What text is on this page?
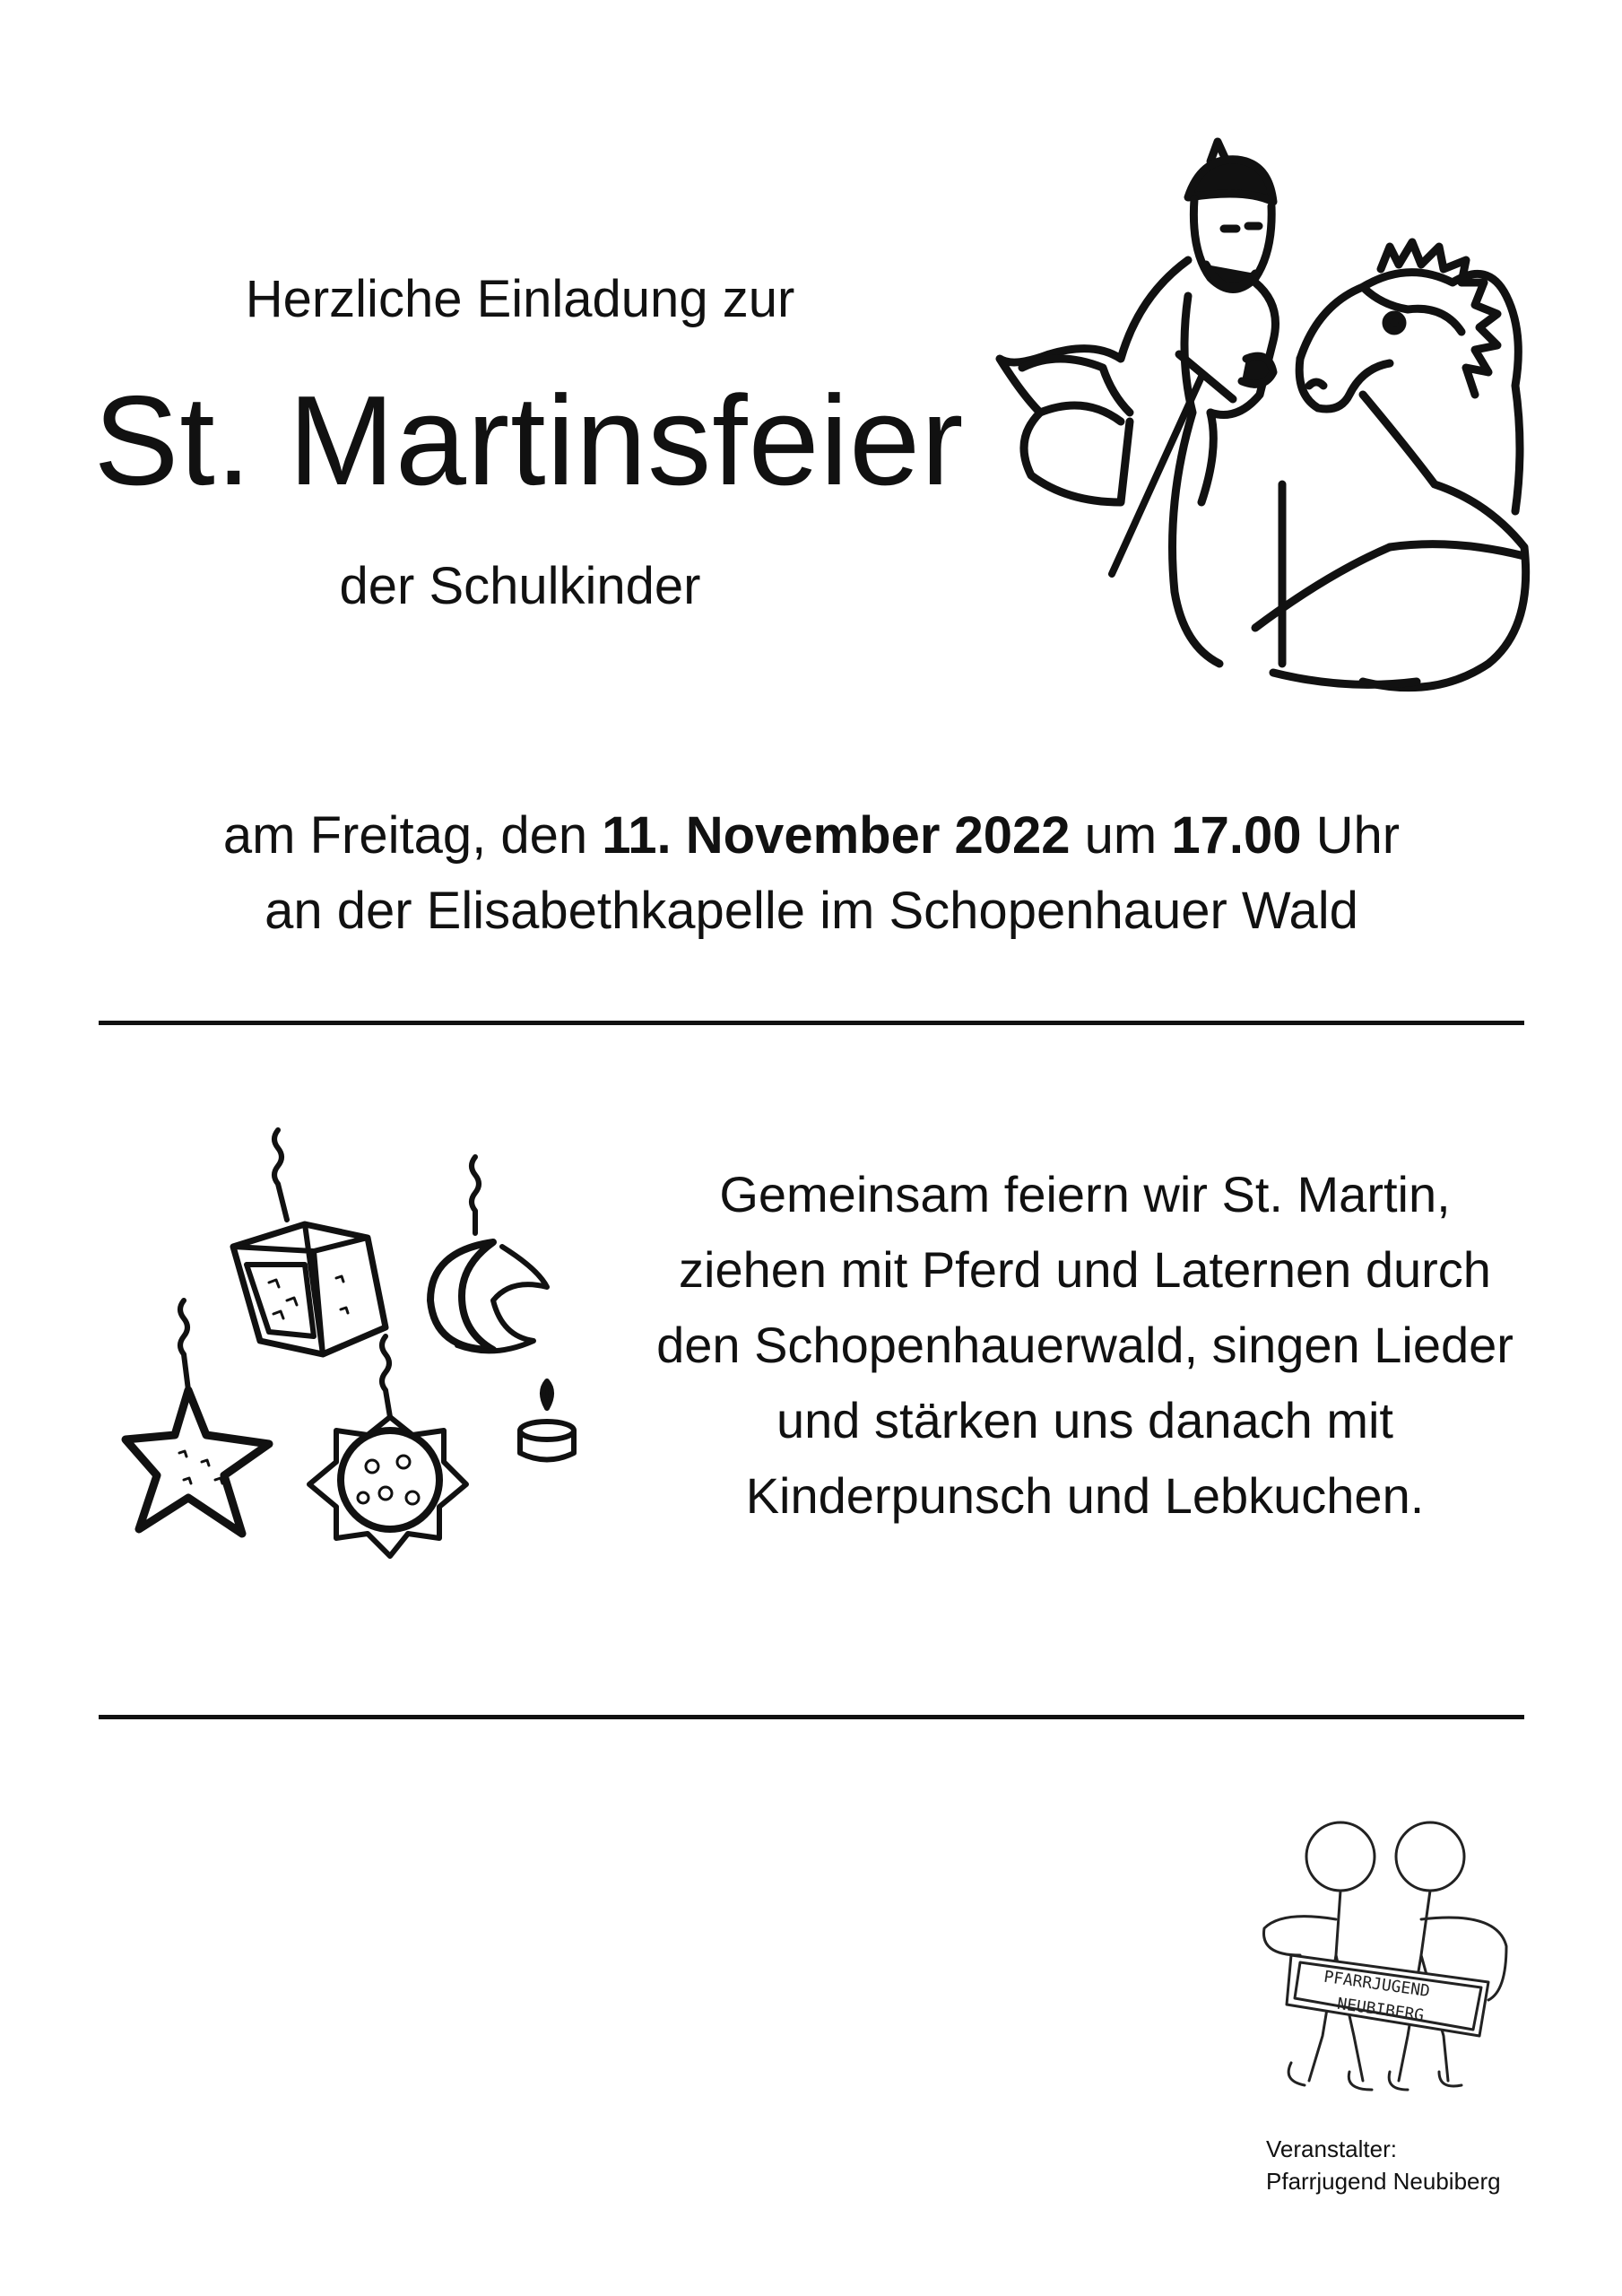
Herzliche Einladung zur
St. Martinsfeier
der Schulkinder
am Freitag, den 11. November 2022 um 17.00 Uhr
an der Elisabethkapelle im Schopenhauer Wald
Gemeinsam feiern wir St. Martin,
ziehen mit Pferd und Laternen durch
den Schopenhauerwald, singen Lieder
und stärken uns danach mit
Kinderpunsch und Lebkuchen.
PFARRJUGEND
NEUBIBERG
Veranstalter:
Pfarrjugend Neubiberg
